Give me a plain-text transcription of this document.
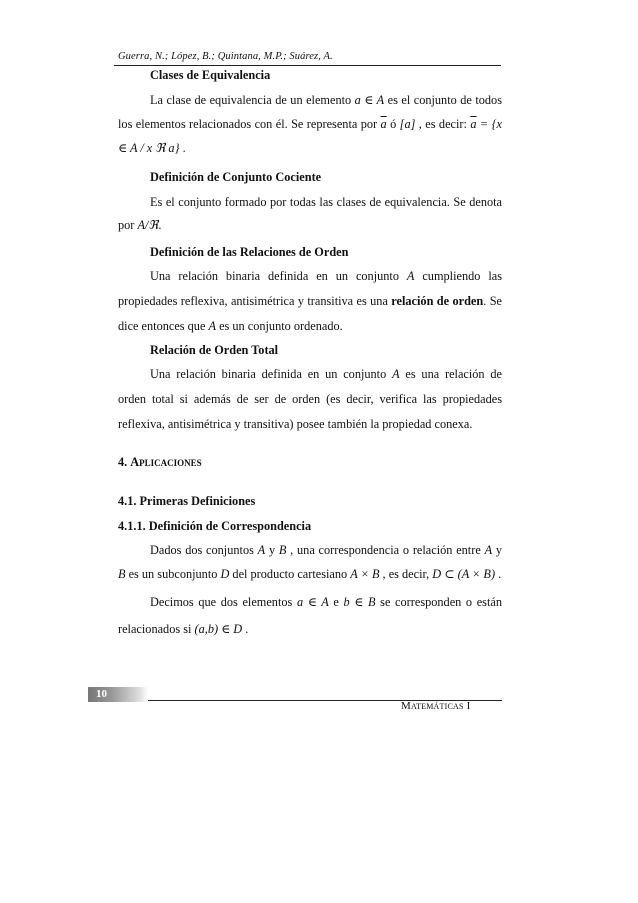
Guerra, N.; López, B.; Quintana, M.P.; Suárez, A.

Clases de Equivalencia

La clase de equivalencia de un elemento a ∈ A es el conjunto de todos los elementos relacionados con él. Se representa por $\overline{a}$ ó [a] , es decir: $\overline{a} = \{x$ ∈ A / x ℜ a} .

Definición de Conjunto Cociente

Es el conjunto formado por todas las clases de equivalencia. Se denota por A/ℜ.

Definición de las Relaciones de Orden

Una relación binaria definida en un conjunto A cumpliendo las propiedades reflexiva, antisimétrica y transitiva es una relación de orden. Se dice entonces que A es un conjunto ordenado.

Relación de Orden Total

Una relación binaria definida en un conjunto A es una relación de orden total si además de ser de orden (es decir, verifica las propiedades reflexiva, antisimétrica y transitiva) posee también la propiedad conexa.

4. Aplicaciones

4.1. Primeras Definiciones

4.1.1. Definición de Correspondencia

Dados dos conjuntos A y B , una correspondencia o relación entre A y B es un subconjunto D del producto cartesiano A × B , es decir, D ⊂ (A × B) .

Decimos que dos elementos a ∈ A e b ∈ B se corresponden o están relacionados si (a,b) ∈ D .

10
Matemáticas I
